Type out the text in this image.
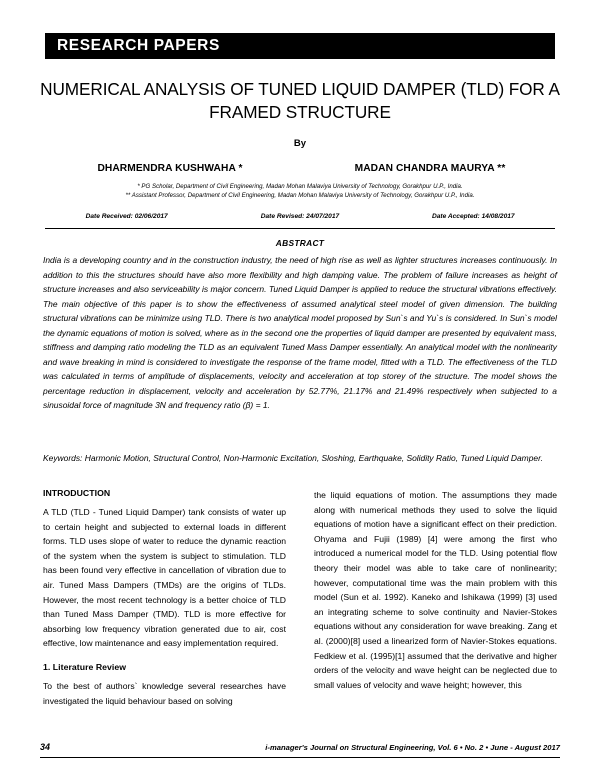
RESEARCH PAPERS
NUMERICAL ANALYSIS OF TUNED LIQUID DAMPER (TLD) FOR A FRAMED STRUCTURE
By
DHARMENDRA KUSHWAHA *	MADAN CHANDRA MAURYA **
* PG Scholar, Department of Civil Engineering, Madan Mohan Malaviya University of Technology, Gorakhpur U.P., India.
** Assistant Professor, Department of Civil Engineering, Madan Mohan Malaviya University of Technology, Gorakhpur U.P., India.
Date Received: 02/06/2017	Date Revised: 24/07/2017	Date Accepted: 14/08/2017
ABSTRACT
India is a developing country and in the construction industry, the need of high rise as well as lighter structures increases continuously. In addition to this the structures should have also more flexibility and high damping value. The problem of failure increases as height of structure increases and also serviceability is major concern. Tuned Liquid Damper is applied to reduce the structural vibrations effectively. The main objective of this paper is to show the effectiveness of assumed analytical steel model of given dimension. The building structural vibrations can be minimize using TLD. There is two analytical model proposed by Sun`s and Yu`s is considered. In Sun`s model the dynamic equations of motion is solved, where as in the second one the properties of liquid damper are presented by equivalent mass, stiffness and damping ratio modeling the TLD as an equivalent Tuned Mass Damper essentially. An analytical model with the nonlinearity and wave breaking in mind is considered to investigate the response of the frame model, fitted with a TLD. The effectiveness of the TLD was calculated in terms of amplitude of displacements, velocity and acceleration at top storey of the structure. The model shows the percentage reduction in displacement, velocity and acceleration by 52.77%, 21.17% and 21.49% respectively when subjected to a sinusoidal force of magnitude 3N and frequency ratio (β) = 1.
Keywords: Harmonic Motion, Structural Control, Non-Harmonic Excitation, Sloshing, Earthquake, Solidity Ratio, Tuned Liquid Damper.
INTRODUCTION

A TLD (TLD - Tuned Liquid Damper) tank consists of water up to certain height and subjected to external loads in different forms. TLD uses slope of water to reduce the dynamic reaction of the system when the system is subject to stimulation. TLD has been found very effective in cancellation of vibration due to air. Tuned Mass Dampers (TMDs) are the origins of TLDs. However, the most recent technology is a better choice of TLD than Tuned Mass Damper (TMD). TLD is more effective for absorbing low frequency vibration generated due to air, cost effective, low maintenance and easy implementation required.

1. Literature Review

To the best of authors` knowledge several researches have investigated the liquid behaviour based on solving

the liquid equations of motion. The assumptions they made along with numerical methods they used to solve the liquid equations of motion have a significant effect on their prediction. Ohyama and Fujii (1989) [4] were among the first who introduced a numerical model for the TLD. Using potential flow theory their model was able to take care of nonlinearity; however, computational time was the main problem with this model (Sun et al. 1992). Kaneko and Ishikawa (1999) [3] used an integrating scheme to solve continuity and Navier-Stokes equations without any consideration for wave breaking. Zang et al. (2000)[8] used a linearized form of Navier-Stokes equations. Fedkiew et al. (1995)[1] assumed that the derivative and higher orders of the velocity and wave height can be neglected due to small values of velocity and wave height; however, this

34	i-manager's Journal on Structural Engineering, Vol. 6 • No. 2 • June - August 2017
